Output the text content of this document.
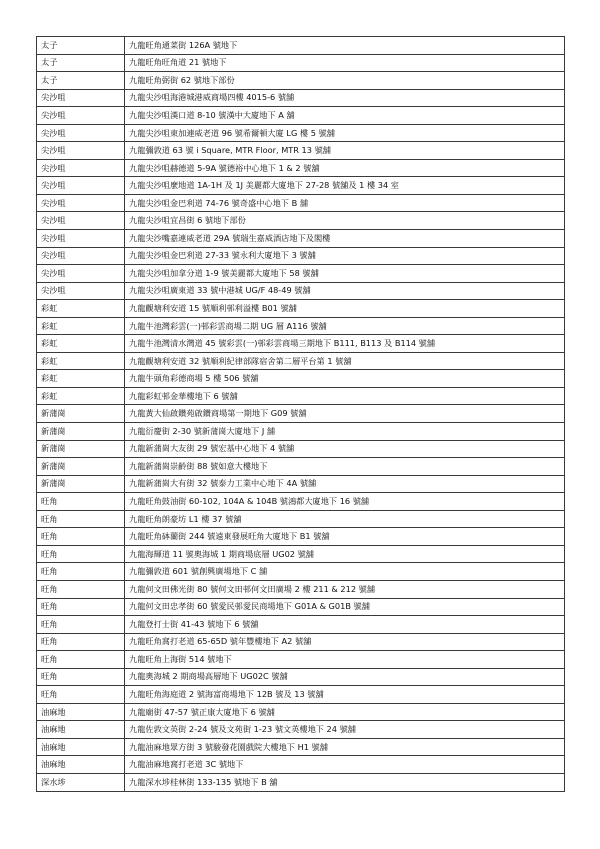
太子	九龍旺角通菜街 126A 號地下
太子	九龍旺角旺角道 21 號地下
太子	九龍旺角弼街 62 號地下部份
尖沙咀	九龍尖沙咀海港城港威商場四樓 4015-6 號舖
尖沙咀	九龍尖沙咀漢口道 8-10 號漢中大廈地下 A 舖
尖沙咀	九龍尖沙咀東加連威老道 96 號希爾頓大廈 LG 樓 5 號舖
尖沙咀	九龍彌敦道 63 號 i Square, MTR Floor, MTR 13 號舖
尖沙咀	九龍尖沙咀赫德道 5-9A 號德裕中心地下 1 & 2 號舖
尖沙咀	九龍尖沙咀麼地道 1A-1H 及 1J 美麗都大廈地下 27-28 號舖及 1 樓 34 室
尖沙咀	九龍尖沙咀金巴利道 74-76 號奇盛中心地下 B 舖
尖沙咀	九龍尖沙咀宜昌街 6 號地下部份
尖沙咀	九龍尖沙嘴嘉連威老道 29A 號瑞生嘉威酒店地下及閣樓
尖沙咀	九龍尖沙咀金巴利道 27-33 號永利大廈地下 3 號舖
尖沙咀	九龍尖沙咀加拿分道 1-9 號美麗都大廈地下 58 號舖
尖沙咀	九龍尖沙咀廣東道 33 號中港城 UG/F 48-49 號舖
彩虹	九龍觀塘利安道 15 號順利邨利溢樓 B01 號舖
彩虹	九龍牛池灣彩雲(一)邨彩雲商場二期 UG 層 A116 號舖
彩虹	九龍牛池灣清水灣道 45 號彩雲(一)邨彩雲商場三期地下 B111, B113 及 B114 號舖
彩虹	九龍觀塘利安道 32 號順利紀律部隊宿舍第二層平台第 1 號舖
彩虹	九龍牛頭角彩德商場 5 樓 506 號舖
彩虹	九龍彩虹邨金華樓地下 6 號舖
新蒲崗	九龍黃大仙啟鑽苑啟鑽商場第一期地下 G09 號舖
新蒲崗	九龍衍慶街 2-30 號新蒲崗大廈地下 J 舖
新蒲崗	九龍新蒲崗大友街 29 號宏基中心地下 4 號舖
新蒲崗	九龍新蒲崗崇齡街 88 號如意大樓地下
新蒲崗	九龍新蒲崗大有街 32 號泰力工業中心地下 4A 號舖
旺角	九龍旺角鼓油街 60-102, 104A & 104B 號鴻都大廈地下 16 號舖
旺角	九龍旺角朗豪坊 L1 樓 37 號舖
旺角	九龍旺角砵蘭街 244 號遠東發展旺角大廈地下 B1 號舖
旺角	九龍海輝道 11 號奧海城 1 期商場底層 UG02 號舖
旺角	九龍彌敦道 601 號創興廣場地下 C 舖
旺角	九龍何文田佛光街 80 號何文田邨何文田廣場 2 樓 211 & 212 號舖
旺角	九龍何文田忠孝街 60 號愛民邨愛民商場地下 G01A & G01B 號舖
旺角	九龍登打士街 41-43 號地下 6 號舖
旺角	九龍旺角窩打老道 65-65D 號年豐樓地下 A2 號舖
旺角	九龍旺角上海街 514 號地下
旺角	九龍奧海城 2 期商場高層地下 UG02C 號舖
旺角	九龍旺角海庭道 2 號海富商場地下 12B 號及 13 號舖
油麻地	九龍廟街 47-57 號正康大廈地下 6 號舖
油麻地	九龍佐敦文英街 2-24 號及文苑街 1-23 號文英樓地下 24 號舖
油麻地	九龍油麻地眾方街 3 號駿發花園戲院大樓地下 H1 號舖
油麻地	九龍油麻地窩打老道 3C 號地下
深水埗	九龍深水埗桂林街 133-135 號地下 B 舖
